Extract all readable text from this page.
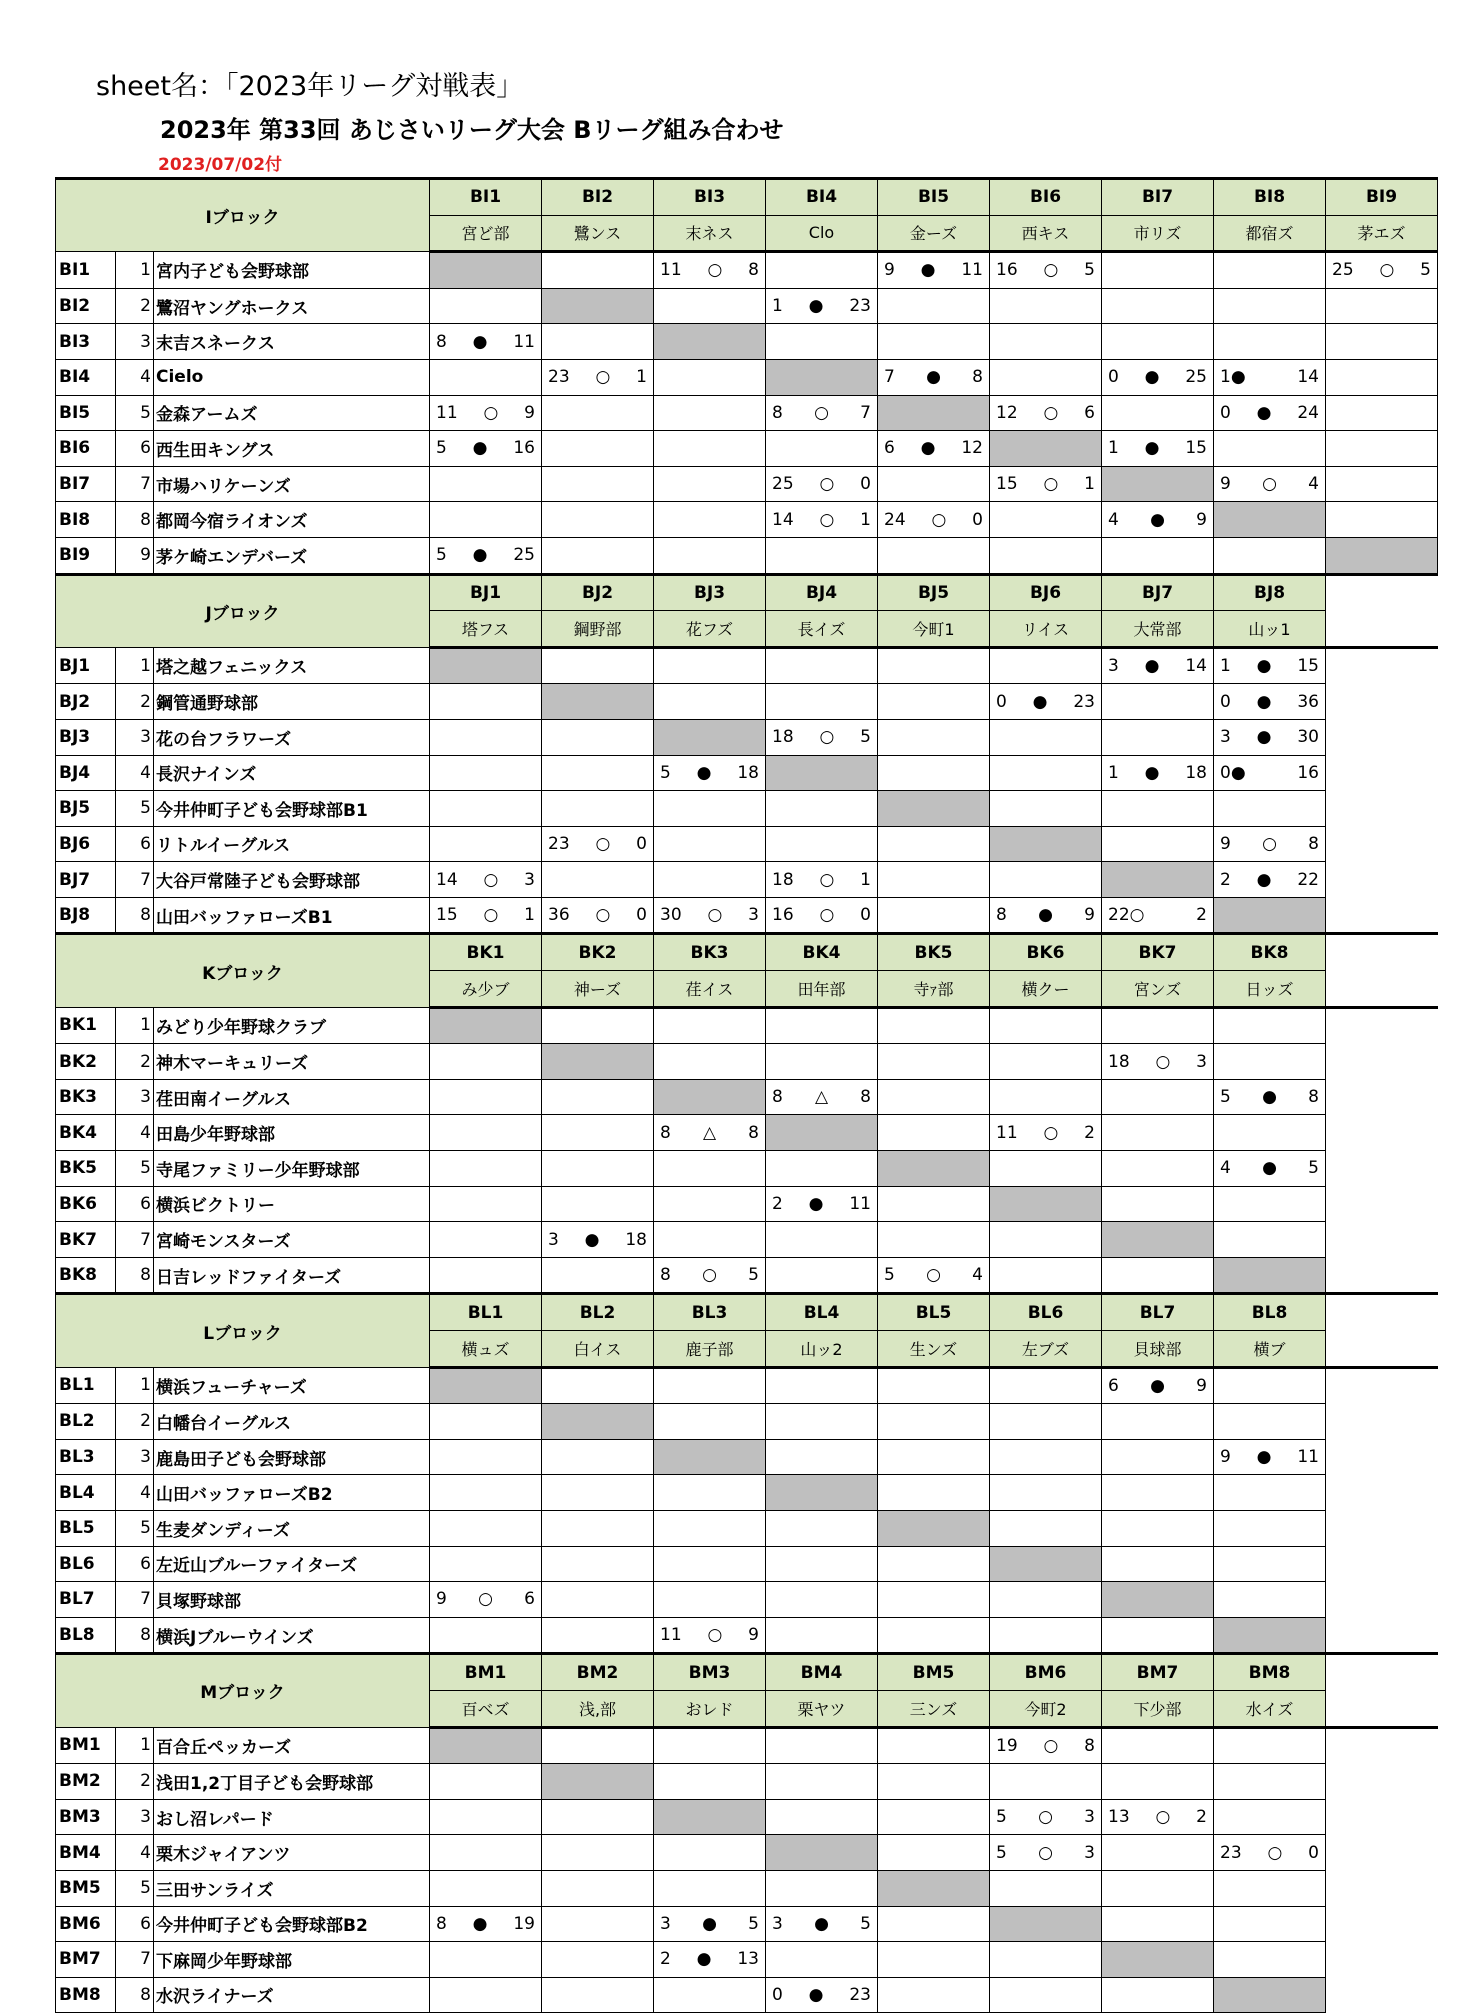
sheet名：「2023年リーグ対戦表」
2023年 第33回 あじさいリーグ大会 Bリーグ組み合わせ
2023/07/02付
Iブロック			BI1	BI2	BI3	BI4	BI5	BI6	BI7	BI8	BI9
			宮ど部	鷺ンス	末ネス	Clo	金ーズ	西キス	市リズ	都宿ズ	茅エズ
BI1	1	宮内子ども会野球部			11 ○ 8		9 ● 11	16 ○ 5			25 ○ 5

BI2	2	鷺沼ヤングホークス				1 ● 23					

BI3	3	末吉スネークス	8 ● 11								

BI4	4	Cielo		23 ○ 1			7 ● 8		0 ● 25	1● 14	

BI5	5	金森アームズ	11 ○ 9			8 ○ 7		12 ○ 6		0 ● 24	

BI6	6	西生田キングス	5 ● 16				6 ● 12		1 ● 15		

BI7	7	市場ハリケーンズ				25 ○ 0		15 ○ 1		9 ○ 4	

BI8	8	都岡今宿ライオンズ				14 ○ 1	24 ○ 0		4 ● 9		

BI9	9	茅ケ崎エンデバーズ	5 ● 25								

Jブロック			BJ1	BJ2	BJ3	BJ4	BJ5	BJ6	BJ7	BJ8	
			塔フス	鋼野部	花フズ	長イズ	今町1	リイス	大常部	山ッ1	
BJ1	1	塔之越フェニックス							3 ● 14	1 ● 15	

BJ2	2	鋼管通野球部						0 ● 23		0 ● 36	

BJ3	3	花の台フラワーズ				18 ○ 5				3 ● 30	

BJ4	4	長沢ナインズ			5 ● 18				1 ● 18	0● 16	

BJ5	5	今井仲町子ども会野球部B1									
BJ6	6	リトルイーグルス		23 ○ 0						9 ○ 8	

BJ7	7	大谷戸常陸子ども会野球部	14 ○ 3			18 ○ 1				2 ● 22	

BJ8	8	山田バッファローズB1	15 ○ 1	36 ○ 0	30 ○ 3	16 ○ 0		8 ● 9	22○ 2		

Kブロック			BK1	BK2	BK3	BK4	BK5	BK6	BK7	BK8	
			み少ブ	神ーズ	荏イス	田年部	寺ｧ部	横クー	宮ンズ	日ッズ	
BK1	1	みどり少年野球クラブ									
BK2	2	神木マーキュリーズ							18 ○ 3		

BK3	3	荏田南イーグルス				8 △ 8				5 ● 8	

BK4	4	田島少年野球部			8 △ 8			11 ○ 2			

BK5	5	寺尾ファミリー少年野球部								4 ● 5	

BK6	6	横浜ビクトリー				2 ● 11					

BK7	7	宮崎モンスターズ		3 ● 18							

BK8	8	日吉レッドファイターズ			8 ○ 5		5 ○ 4				

Lブロック			BL1	BL2	BL3	BL4	BL5	BL6	BL7	BL8	
			横ュズ	白イス	鹿子部	山ッ2	生ンズ	左ブズ	貝球部	横ブ	
BL1	1	横浜フューチャーズ							6 ● 9		

BL2	2	白幡台イーグルス									
BL3	3	鹿島田子ども会野球部								9 ● 11	

BL4	4	山田バッファローズB2									
BL5	5	生麦ダンディーズ									
BL6	6	左近山ブルーファイターズ									
BL7	7	貝塚野球部	9 ○ 6								

BL8	8	横浜Jブルーウインズ			11 ○ 9						

Mブロック			BM1	BM2	BM3	BM4	BM5	BM6	BM7	BM8	
			百ベズ	浅,部	おレド	栗ヤツ	三ンズ	今町2	下少部	水イズ	
BM1	1	百合丘ペッカーズ						19 ○ 8			

BM2	2	浅田1,2丁目子ども会野球部									
BM3	3	おし沼レパード						5 ○ 3	13 ○ 2		

BM4	4	栗木ジャイアンツ						5 ○ 3		23 ○ 0	

BM5	5	三田サンライズ									
BM6	6	今井仲町子ども会野球部B2	8 ● 19		3 ● 5	3 ● 5					

BM7	7	下麻岡少年野球部			2 ● 13						

BM8	8	水沢ライナーズ				0 ● 23					
